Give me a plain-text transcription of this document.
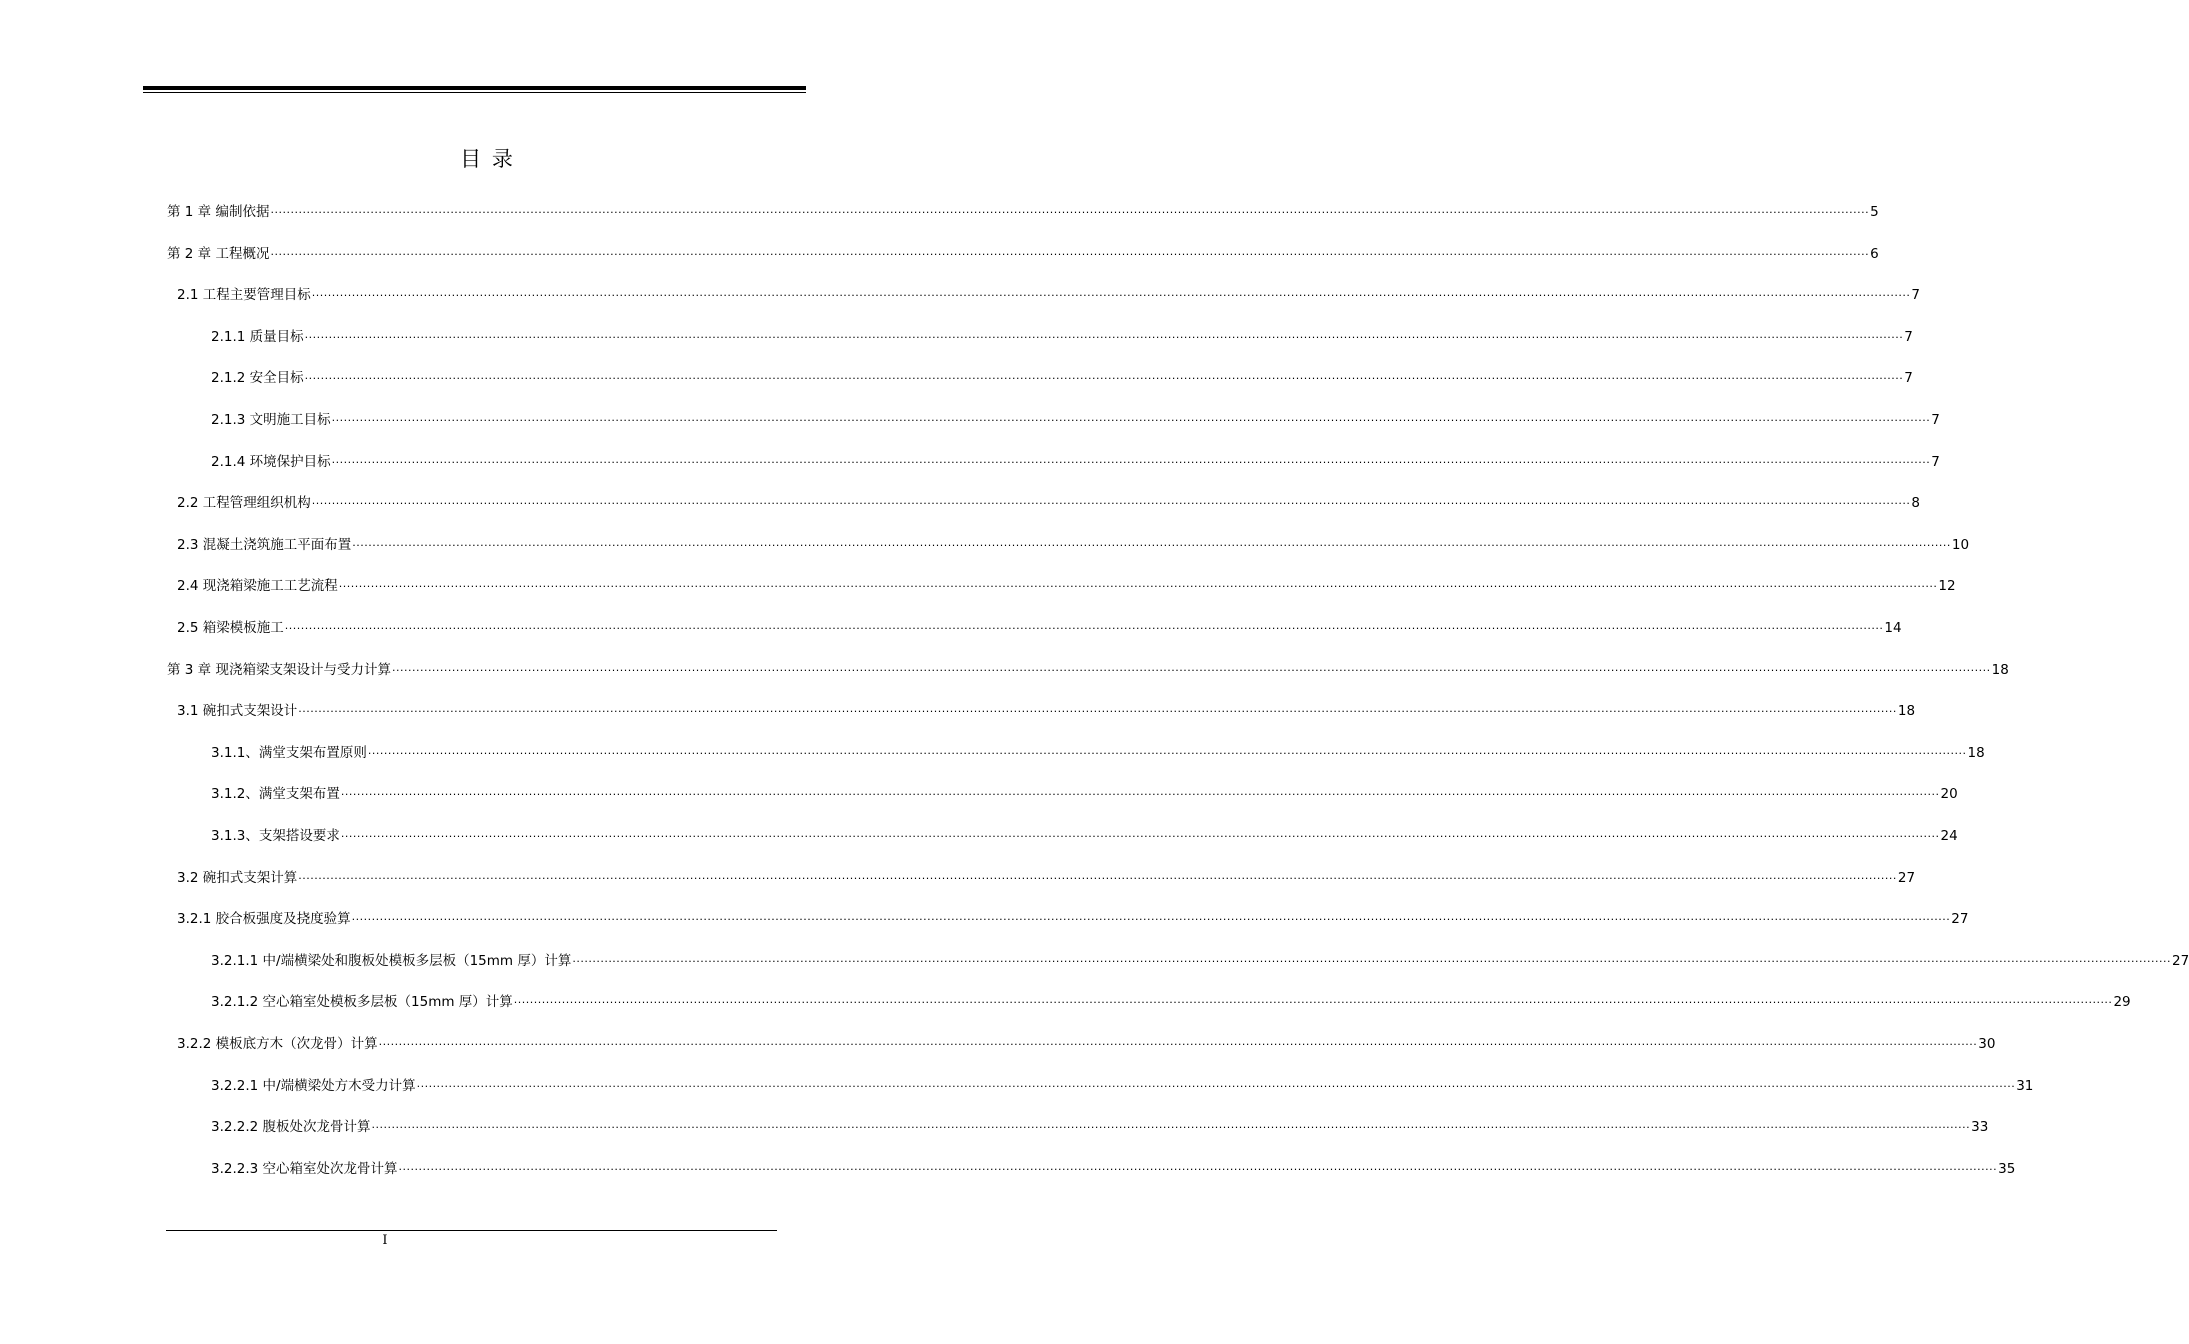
目 录
第 1 章 编制依据 ................................................................................................................................................................................................................................................................................................................................................................................................................ 5
第 2 章 工程概况 ................................................................................................................................................................................................................................................................................................................................................................................................................ 6
2.1 工程主要管理目标 ................................................................................................................................................................................................................................................................................................................................................................................................................ 7
2.1.1 质量目标 ................................................................................................................................................................................................................................................................................................................................................................................................................ 7
2.1.2 安全目标 ................................................................................................................................................................................................................................................................................................................................................................................................................ 7
2.1.3 文明施工目标 ................................................................................................................................................................................................................................................................................................................................................................................................................ 7
2.1.4 环境保护目标 ................................................................................................................................................................................................................................................................................................................................................................................................................ 7
2.2 工程管理组织机构 ................................................................................................................................................................................................................................................................................................................................................................................................................ 8
2.3 混凝土浇筑施工平面布置 ................................................................................................................................................................................................................................................................................................................................................................................................................ 10
2.4 现浇箱梁施工工艺流程 ................................................................................................................................................................................................................................................................................................................................................................................................................ 12
2.5 箱梁模板施工 ................................................................................................................................................................................................................................................................................................................................................................................................................ 14
第 3 章 现浇箱梁支架设计与受力计算 ................................................................................................................................................................................................................................................................................................................................................................................................................ 18
3.1 碗扣式支架设计 ................................................................................................................................................................................................................................................................................................................................................................................................................ 18
3.1.1、满堂支架布置原则 ................................................................................................................................................................................................................................................................................................................................................................................................................ 18
3.1.2、满堂支架布置 ................................................................................................................................................................................................................................................................................................................................................................................................................ 20
3.1.3、支架搭设要求 ................................................................................................................................................................................................................................................................................................................................................................................................................ 24
3.2 碗扣式支架计算 ................................................................................................................................................................................................................................................................................................................................................................................................................ 27
3.2.1 胶合板强度及挠度验算 ................................................................................................................................................................................................................................................................................................................................................................................................................ 27
3.2.1.1 中/端横梁处和腹板处模板多层板（15mm 厚）计算 ................................................................................................................................................................................................................................................................................................................................................................................................................ 27
3.2.1.2 空心箱室处模板多层板（15mm 厚）计算 ................................................................................................................................................................................................................................................................................................................................................................................................................ 29
3.2.2 模板底方木（次龙骨）计算 ................................................................................................................................................................................................................................................................................................................................................................................................................ 30
3.2.2.1 中/端横梁处方木受力计算 ................................................................................................................................................................................................................................................................................................................................................................................................................ 31
3.2.2.2 腹板处次龙骨计算 ................................................................................................................................................................................................................................................................................................................................................................................................................ 33
3.2.2.3 空心箱室处次龙骨计算 ................................................................................................................................................................................................................................................................................................................................................................................................................ 35
I
